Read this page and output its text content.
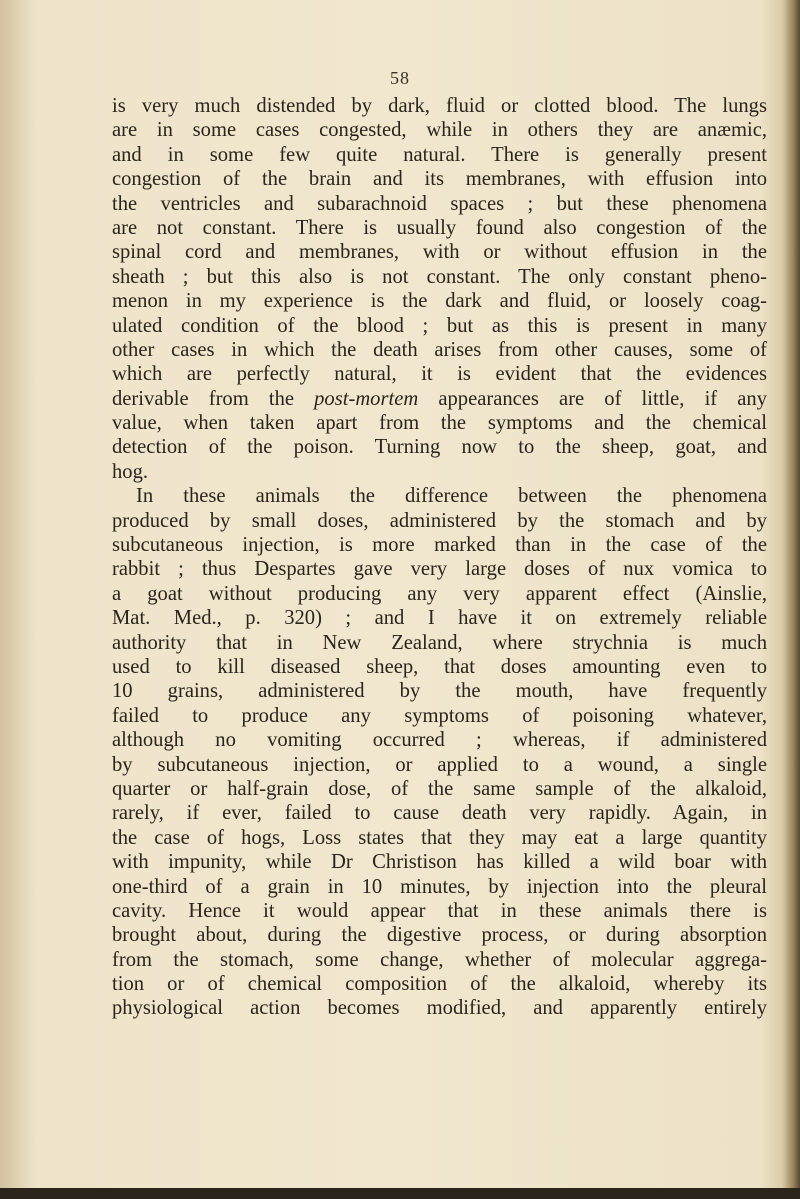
58
is very much distended by dark, fluid or clotted blood. The lungs
are in some cases congested, while in others they are anæmic,
and in some few quite natural. There is generally present
congestion of the brain and its membranes, with effusion into
the ventricles and subarachnoid spaces ; but these phenomena
are not constant. There is usually found also congestion of the
spinal cord and membranes, with or without effusion in the
sheath ; but this also is not constant. The only constant pheno-
menon in my experience is the dark and fluid, or loosely coag-
ulated condition of the blood ; but as this is present in many
other cases in which the death arises from other causes, some of
which are perfectly natural, it is evident that the evidences
derivable from the post-mortem appearances are of little, if any
value, when taken apart from the symptoms and the chemical
detection of the poison. Turning now to the sheep, goat, and
hog.
In these animals the difference between the phenomena
produced by small doses, administered by the stomach and by
subcutaneous injection, is more marked than in the case of the
rabbit ; thus Despartes gave very large doses of nux vomica to
a goat without producing any very apparent effect (Ainslie,
Mat. Med., p. 320) ; and I have it on extremely reliable
authority that in New Zealand, where strychnia is much
used to kill diseased sheep, that doses amounting even to
10 grains, administered by the mouth, have frequently
failed to produce any symptoms of poisoning whatever,
although no vomiting occurred ; whereas, if administered
by subcutaneous injection, or applied to a wound, a single
quarter or half-grain dose, of the same sample of the alkaloid,
rarely, if ever, failed to cause death very rapidly. Again, in
the case of hogs, Loss states that they may eat a large quantity
with impunity, while Dr Christison has killed a wild boar with
one-third of a grain in 10 minutes, by injection into the pleural
cavity. Hence it would appear that in these animals there is
brought about, during the digestive process, or during absorption
from the stomach, some change, whether of molecular aggrega-
tion or of chemical composition of the alkaloid, whereby its
physiological action becomes modified, and apparently entirely
